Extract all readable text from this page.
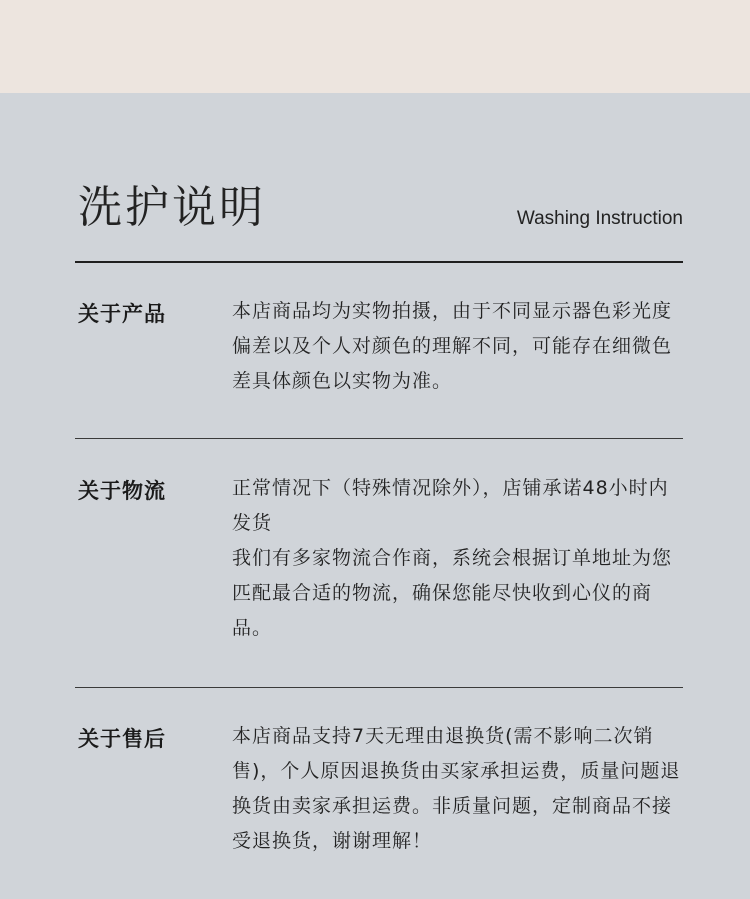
洗护说明	Washing Instruction
关于产品	本店商品均为实物拍摄，由于不同显示器色彩光度偏差以及个人对颜色的理解不同，可能存在细微色差具体颜色以实物为准。

关于物流	正常情况下（特殊情况除外），店铺承诺48小时内发货

我们有多家物流合作商，系统会根据订单地址为您匹配最合适的物流，确保您能尽快收到心仪的商品。

关于售后	本店商品支持7天无理由退换货(需不影响二次销售)，个人原因退换货由买家承担运费，质量问题退换货由卖家承担运费。非质量问题，定制商品不接受退换货，谢谢理解！
